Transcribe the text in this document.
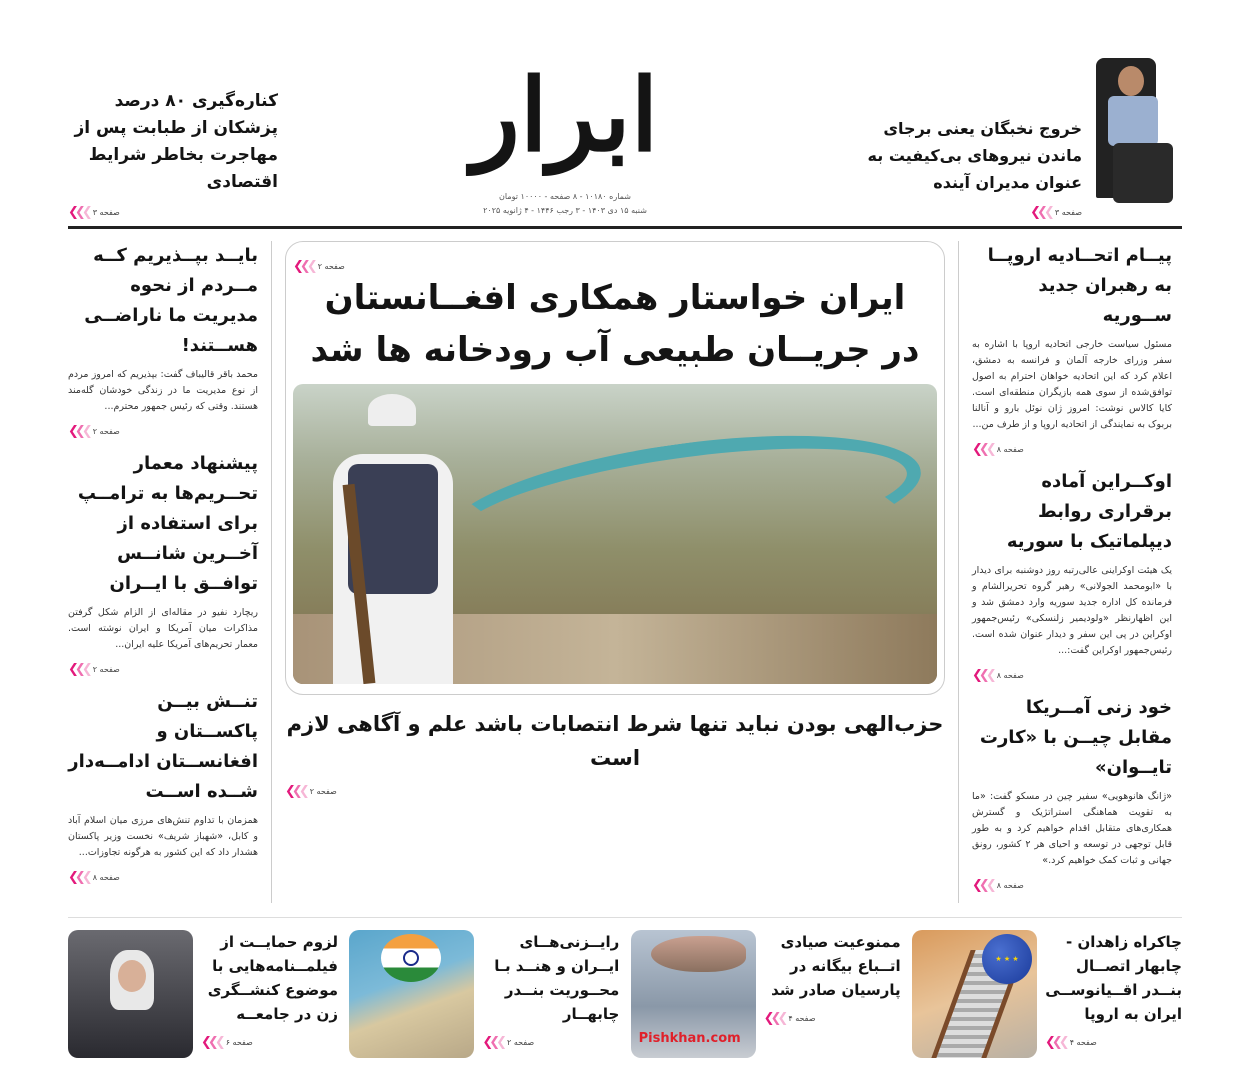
کناره‌گیری ۸۰ درصد پزشکان از طبابت پس از مهاجرت بخاطر شرایط اقتصادی
صفحه ۳
❮❮❮
ابرار
شماره ۱۰۱۸۰ - ۸ صفحه - ۱۰۰۰۰ تومان
شنبه ۱۵ دی ۱۴۰۳ - ۳ رجب ۱۴۴۶ - ۴ ژانویه ۲۰۲۵
خروج نخبگان یعنی برجای ماندن نیروهای بی‌کیفیت به عنوان مدیران آینده
صفحه ۳
❮❮❮
بایــد بپــذیریم کــه مــردم از نحوه مدیریت ما ناراضــی هســتند!
محمد باقر قالیباف گفت: بپذیریم که امروز مردم از نوع مدیریت ما در زندگی خودشان گله‌مند هستند. وقتی که رئیس جمهور محترم...
صفحه ۲
❮❮❮
پیشنهاد معمار تحــریم‌ها به ترامــپ برای استفاده از آخــرین شانــس توافــق با ایــران
ریچارد نفیو در مقاله‌ای از الزام شکل گرفتن مذاکرات میان آمریکا و ایران نوشته است. معمار تحریم‌های آمریکا علیه ایران...
صفحه ۲
❮❮❮
تنــش بیــن پاکســتان و افغانســتان ادامــه‌دار شــده اســت
همزمان با تداوم تنش‌های مرزی میان اسلام آباد و کابل، «شهباز شریف» نخست وزیر پاکستان هشدار داد که این کشور به هرگونه تجاوزات...
صفحه ۸
❮❮❮
صفحه ۲
❮❮❮
ایران خواستار همکاری افغــانستان
در جریــان طبیعی آب رودخانه ها شد
حزب‌الهی بودن نباید تنها شرط انتصابات باشد علم و آگاهی لازم است
صفحه ۲
❮❮❮
پیــام اتحــادیه اروپــا به رهبران جدید ســوریه
مسئول سیاست خارجی اتحادیه اروپا با اشاره به سفر وزرای خارجه آلمان و فرانسه به دمشق، اعلام کرد که این اتحادیه خواهان احترام به اصول توافق‌شده از سوی همه بازیگران منطقه‌ای است. کایا کالاس نوشت: امروز ژان نوئل بارو و آنالنا بربوک به نمایندگی از اتحادیه اروپا و از طرف من...
صفحه ۸
❮❮❮
اوکــراین آماده برقراری روابط دیپلماتیک با سوریه
یک هیئت اوکراینی عالی‌رتبه روز دوشنبه برای دیدار با «ابومحمد الجولانی» رهبر گروه تحریرالشام و فرمانده کل اداره جدید سوریه وارد دمشق شد و این اظهارنظر «ولودیمیر زلنسکی» رئیس‌جمهور اوکراین در پی این سفر و دیدار عنوان شده است. رئیس‌جمهور اوکراین گفت:...
صفحه ۸
❮❮❮
خود زنی آمــریکا مقابل چیــن با «کارت تایــوان»
«ژانگ هانوهویی» سفیر چین در مسکو گفت: «ما به تقویت هماهنگی استراتژیک و گسترش همکاری‌های متقابل اقدام خواهیم کرد و به طور قابل توجهی در توسعه و احیای هر ۲ کشور، رونق جهانی و ثبات کمک خواهیم کرد.»
صفحه ۸
❮❮❮
لزوم حمایــت از فیلمــنامه‌هایی با موضوع کنشــگری زن در جامعــه
صفحه ۶
❮❮❮
رایــزنی‌هــای ایــران و هنــد بـا محــوریت بنــدر چابهــار
صفحه ۲
❮❮❮	Pishkhan.com
ممنوعیت صیادی اتــباع بیگانه در پارسیان صادر شد
صفحه ۴
❮❮❮
★ ★ ★
چاکراه زاهدان - چابهار اتصــال بنــدر اقــیانوســی ایران به اروپا
صفحه ۴
❮❮❮
